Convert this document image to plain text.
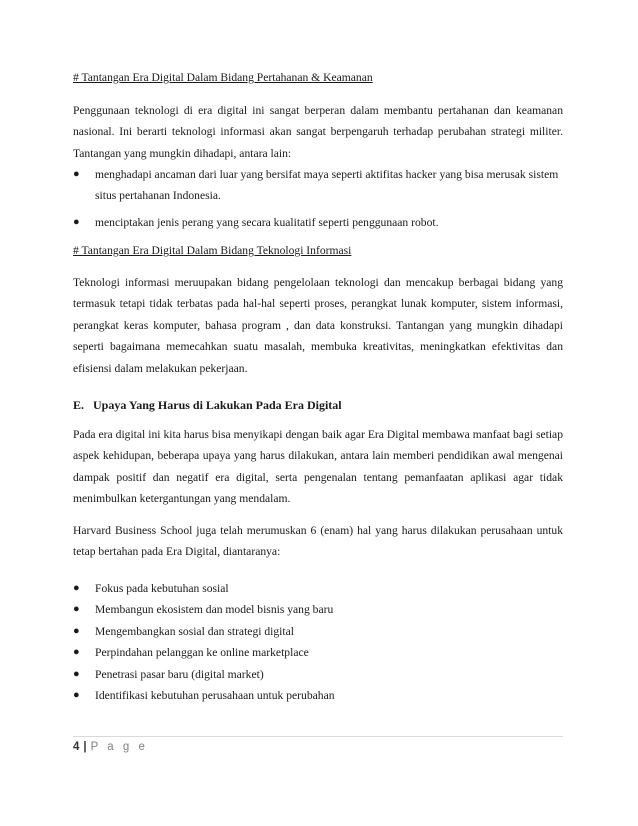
# Tantangan Era Digital Dalam Bidang Pertahanan & Keamanan

Penggunaan teknologi di era digital ini sangat berperan dalam membantu pertahanan dan keamanan nasional. Ini berarti teknologi informasi akan sangat berpengaruh terhadap perubahan strategi militer. Tantangan yang mungkin dihadapi, antara lain:

● menghadapi ancaman dari luar yang bersifat maya seperti aktifitas hacker yang bisa merusak sistem situs pertahanan Indonesia.
● menciptakan jenis perang yang secara kualitatif seperti penggunaan robot.
# Tantangan Era Digital Dalam Bidang Teknologi Informasi

Teknologi informasi meruupakan bidang pengelolaan teknologi dan mencakup berbagai bidang yang termasuk tetapi tidak terbatas pada hal-hal seperti proses, perangkat lunak komputer, sistem informasi, perangkat keras komputer, bahasa program , dan data konstruksi. Tantangan yang mungkin dihadapi seperti bagaimana memecahkan suatu masalah, membuka kreativitas, meningkatkan efektivitas dan efisiensi dalam melakukan pekerjaan.

E. Upaya Yang Harus di Lakukan Pada Era Digital

Pada era digital ini kita harus bisa menyikapi dengan baik agar Era Digital membawa manfaat bagi setiap aspek kehidupan, beberapa upaya yang harus dilakukan, antara lain memberi pendidikan awal mengenai dampak positif dan negatif era digital, serta pengenalan tentang pemanfaatan aplikasi agar tidak menimbulkan ketergantungan yang mendalam.

Harvard Business School juga telah merumuskan 6 (enam) hal yang harus dilakukan perusahaan untuk tetap bertahan pada Era Digital, diantaranya:

● Fokus pada kebutuhan sosial
● Membangun ekosistem dan model bisnis yang baru
● Mengembangkan sosial dan strategi digital
● Perpindahan pelanggan ke online marketplace
● Penetrasi pasar baru (digital market)
● Identifikasi kebutuhan perusahaan untuk perubahan
4 | P a g e
